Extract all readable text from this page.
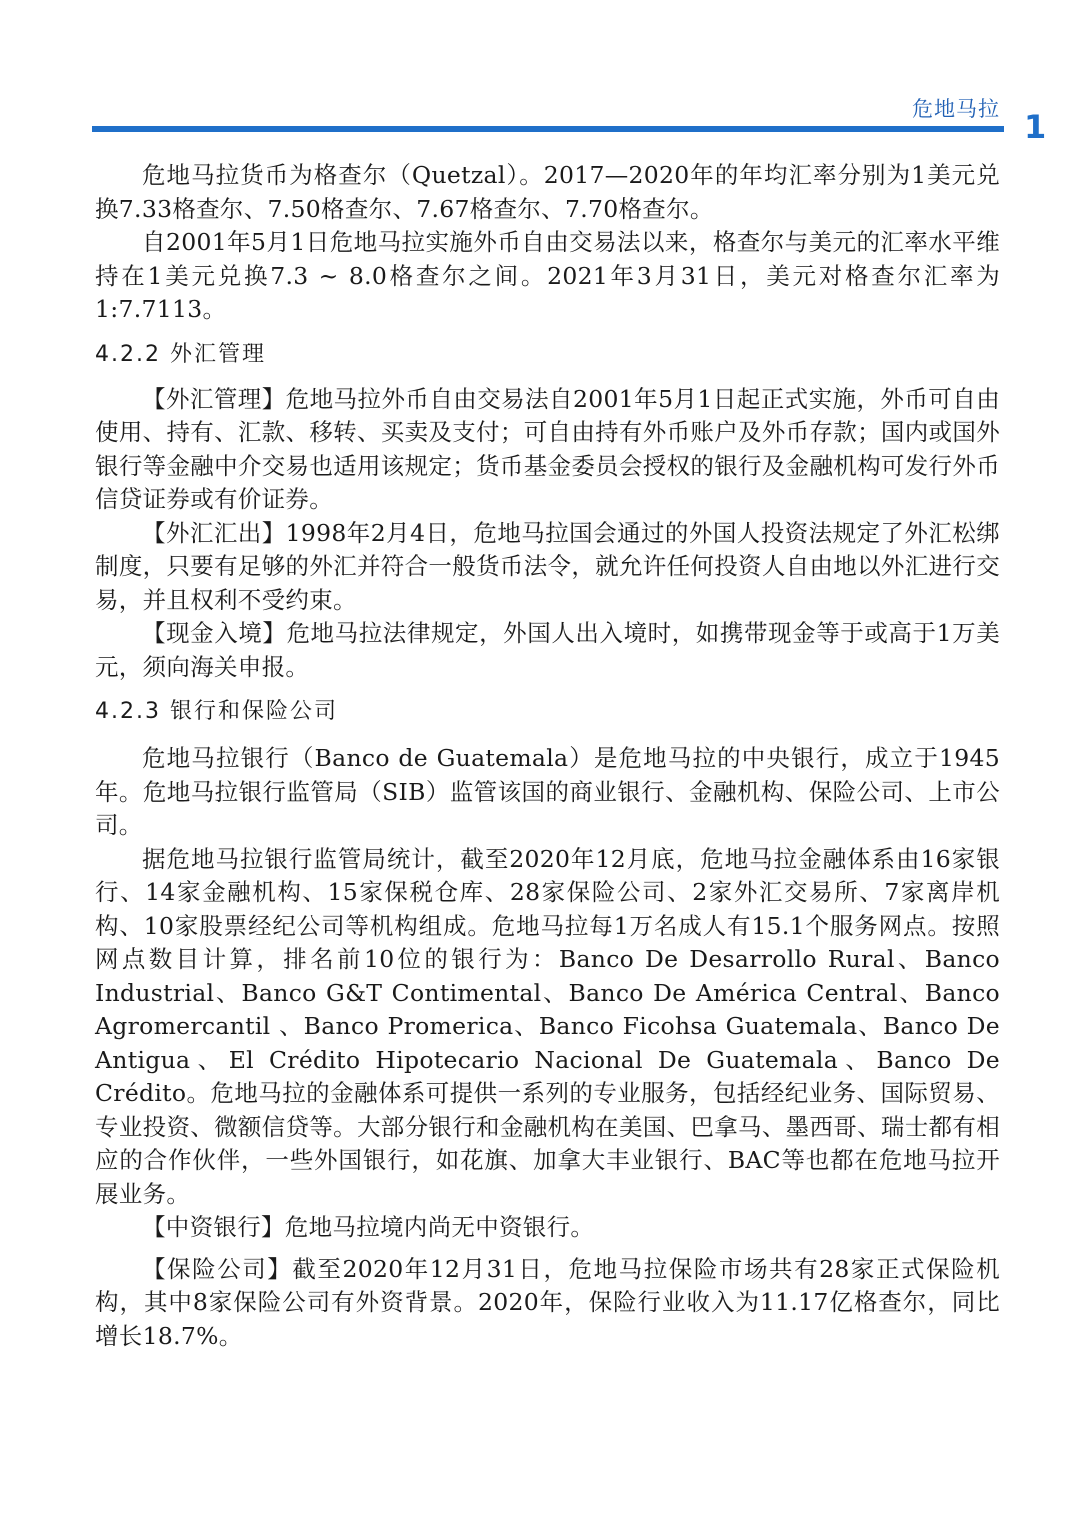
危地马拉 1

危地马拉货币为格查尔（Quetzal）。2017—2020年的年均汇率分别为1美元兑换7.33格查尔、7.50格查尔、7.67格查尔、7.70格查尔。

自2001年5月1日危地马拉实施外币自由交易法以来，格查尔与美元的汇率水平维持在1美元兑换7.3 ~ 8.0格查尔之间。2021年3月31日，美元对格查尔汇率为1:7.7113。

4.2.2 外汇管理

【外汇管理】危地马拉外币自由交易法自2001年5月1日起正式实施，外币可自由使用、持有、汇款、移转、买卖及支付；可自由持有外币账户及外币存款；国内或国外银行等金融中介交易也适用该规定；货币基金委员会授权的银行及金融机构可发行外币信贷证券或有价证券。

【外汇汇出】1998年2月4日，危地马拉国会通过的外国人投资法规定了外汇松绑制度，只要有足够的外汇并符合一般货币法令，就允许任何投资人自由地以外汇进行交易，并且权利不受约束。

【现金入境】危地马拉法律规定，外国人出入境时，如携带现金等于或高于1万美元，须向海关申报。

4.2.3 银行和保险公司

危地马拉银行（Banco de Guatemala）是危地马拉的中央银行，成立于1945年。危地马拉银行监管局（SIB）监管该国的商业银行、金融机构、保险公司、上市公司。

据危地马拉银行监管局统计，截至2020年12月底，危地马拉金融体系由16家银行、14家金融机构、15家保税仓库、28家保险公司、2家外汇交易所、7家离岸机构、10家股票经纪公司等机构组成。危地马拉每1万名成人有15.1个服务网点。按照网点数目计算，排名前10位的银行为：Banco De Desarrollo Rural、Banco Industrial、Banco G&T Contimental、Banco De América Central、Banco Agromercantil 、Banco Promerica、Banco Ficohsa Guatemala、Banco De Antigua、El Crédito Hipotecario Nacional De Guatemala、Banco De Crédito。危地马拉的金融体系可提供一系列的专业服务，包括经纪业务、国际贸易、专业投资、微额信贷等。大部分银行和金融机构在美国、巴拿马、墨西哥、瑞士都有相应的合作伙伴，一些外国银行，如花旗、加拿大丰业银行、BAC等也都在危地马拉开展业务。

【中资银行】危地马拉境内尚无中资银行。

【保险公司】截至2020年12月31日，危地马拉保险市场共有28家正式保险机构，其中8家保险公司有外资背景。2020年，保险行业收入为11.17亿格查尔，同比增长18.7%。
